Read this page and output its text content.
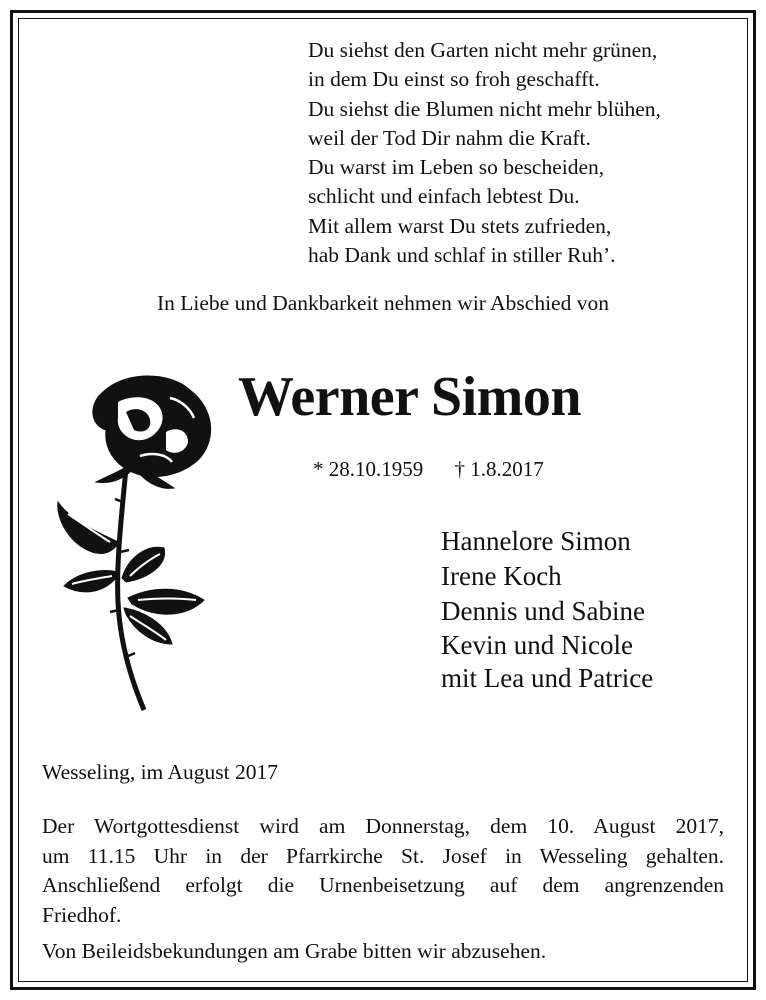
Du siehst den Garten nicht mehr grünen,
in dem Du einst so froh geschafft.
Du siehst die Blumen nicht mehr blühen,
weil der Tod Dir nahm die Kraft.
Du warst im Leben so bescheiden,
schlicht und einfach lebtest Du.
Mit allem warst Du stets zufrieden,
hab Dank und schlaf in stiller Ruh’.
In Liebe und Dankbarkeit nehmen wir Abschied von
Werner Simon
* 28.10.1959 † 1.8.2017
Hannelore Simon
Irene Koch
Dennis und Sabine
Kevin und Nicole
mit Lea und Patrice
Wesseling, im August 2017
Der Wortgottesdienst wird am Donnerstag, dem 10. August 2017,
um 11.15 Uhr in der Pfarrkirche St. Josef in Wesseling gehalten.
Anschließend erfolgt die Urnenbeisetzung auf dem angrenzenden
Friedhof.
Von Beileidsbekundungen am Grabe bitten wir abzusehen.
